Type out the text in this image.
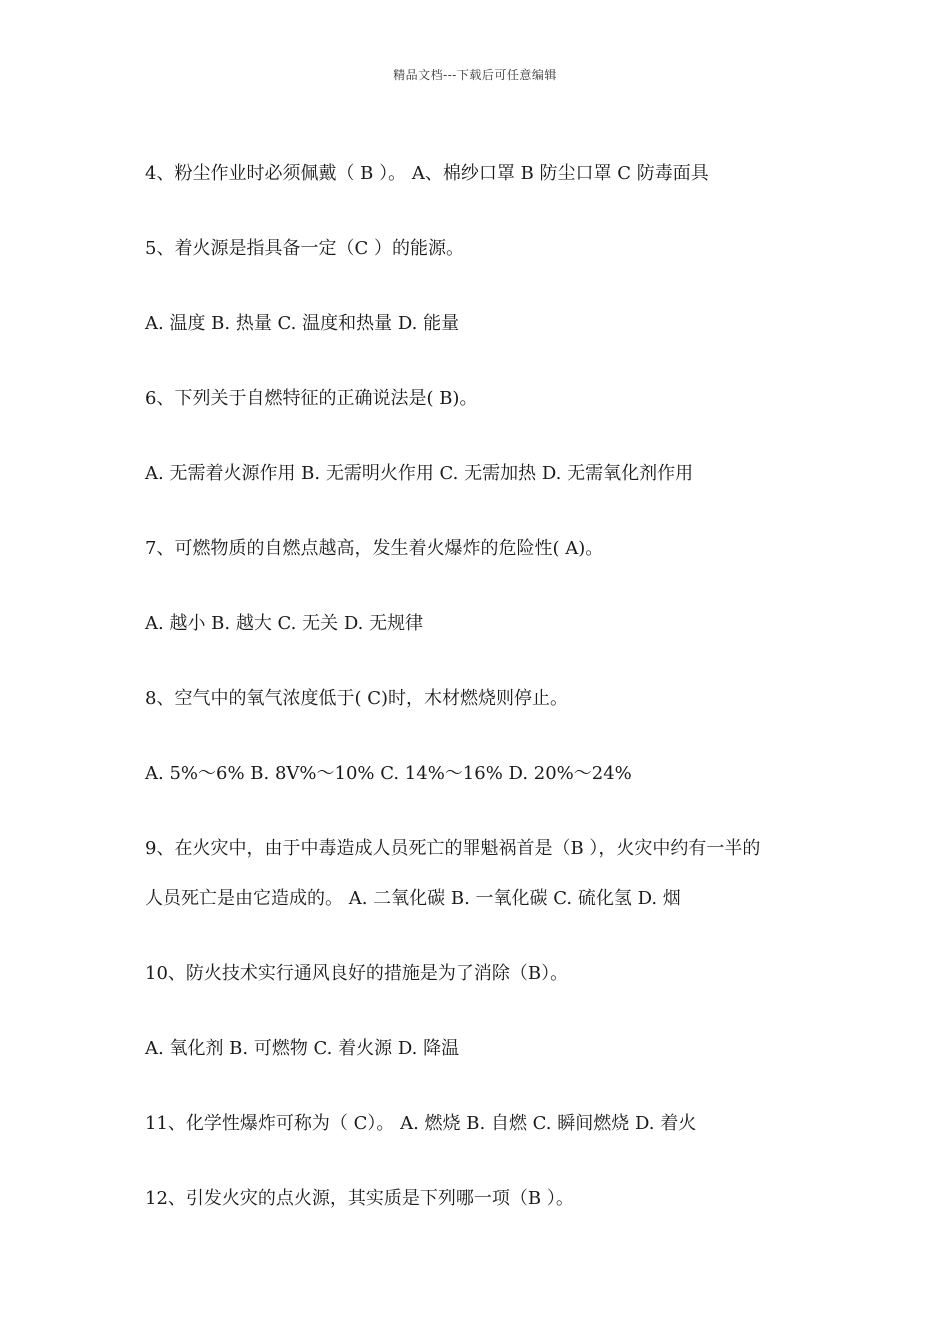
精品文档---下载后可任意编辑
4、粉尘作业时必须佩戴（ B ）。 A、棉纱口罩 B 防尘口罩 C 防毒面具
5、着火源是指具备一定（C ）的能源。
A. 温度 B. 热量 C. 温度和热量 D. 能量
6、下列关于自燃特征的正确说法是( B)。
A. 无需着火源作用 B. 无需明火作用 C. 无需加热 D. 无需氧化剂作用
7、可燃物质的自燃点越高，发生着火爆炸的危险性( A)。
A. 越小 B. 越大 C. 无关 D. 无规律
8、空气中的氧气浓度低于( C)时，木材燃烧则停止。
A. 5%～6% B. 8V%～10% C. 14%～16% D. 20%～24%
9、在火灾中，由于中毒造成人员死亡的罪魁祸首是（B ），火灾中约有一半的
人员死亡是由它造成的。 A. 二氧化碳 B. 一氧化碳 C. 硫化氢 D. 烟
10、防火技术实行通风良好的措施是为了消除（B）。
A. 氧化剂 B. 可燃物 C. 着火源 D. 降温
11、化学性爆炸可称为（ C）。 A. 燃烧 B. 自燃 C. 瞬间燃烧 D. 着火
12、引发火灾的点火源，其实质是下列哪一项（B ）。
